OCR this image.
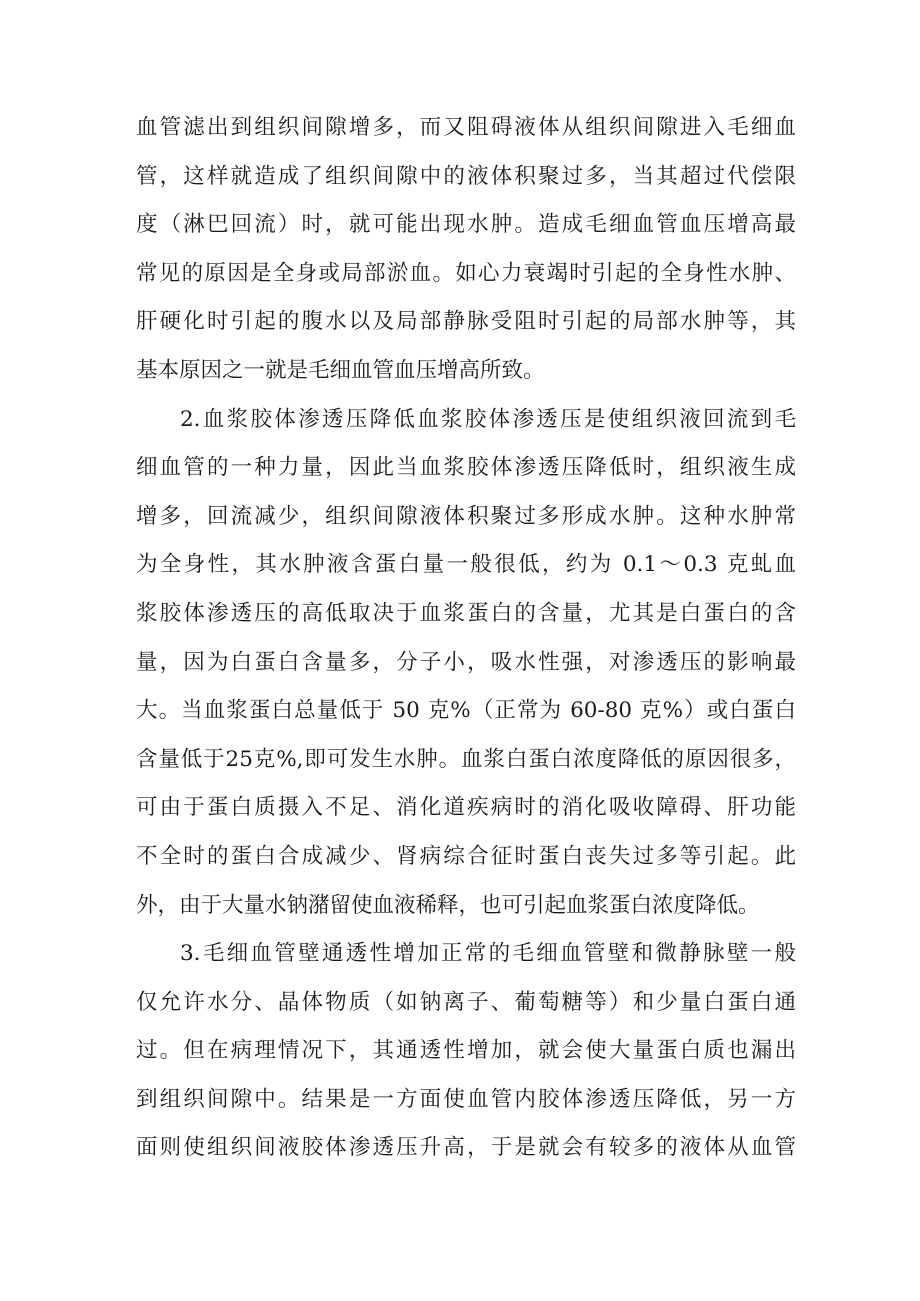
血管滤出到组织间隙增多，而又阻碍液体从组织间隙进入毛细血
管，这样就造成了组织间隙中的液体积聚过多，当其超过代偿限
度（淋巴回流）时，就可能出现水肿。造成毛细血管血压增高最
常见的原因是全身或局部淤血。如心力衰竭时引起的全身性水肿、
肝硬化时引起的腹水以及局部静脉受阻时引起的局部水肿等，其
基本原因之一就是毛细血管血压增高所致。
2.血浆胶体渗透压降低血浆胶体渗透压是使组织液回流到毛
细血管的一种力量，因此当血浆胶体渗透压降低时，组织液生成
增多，回流减少，组织间隙液体积聚过多形成水肿。这种水肿常
为全身性，其水肿液含蛋白量一般很低，约为 0.1～0.3 克虬血
浆胶体渗透压的高低取决于血浆蛋白的含量，尤其是白蛋白的含
量，因为白蛋白含量多，分子小，吸水性强，对渗透压的影响最
大。当血浆蛋白总量低于 50 克%（正常为 60-80 克%）或白蛋白
含量低于25克%,即可发生水肿。血浆白蛋白浓度降低的原因很多，
可由于蛋白质摄入不足、消化道疾病时的消化吸收障碍、肝功能
不全时的蛋白合成减少、肾病综合征时蛋白丧失过多等引起。此
外，由于大量水钠潴留使血液稀释，也可引起血浆蛋白浓度降低。
3.毛细血管壁通透性增加正常的毛细血管壁和微静脉壁一般
仅允许水分、晶体物质（如钠离子、葡萄糖等）和少量白蛋白通
过。但在病理情况下，其通透性增加，就会使大量蛋白质也漏出
到组织间隙中。结果是一方面使血管内胶体渗透压降低，另一方
面则使组织间液胶体渗透压升高，于是就会有较多的液体从血管
